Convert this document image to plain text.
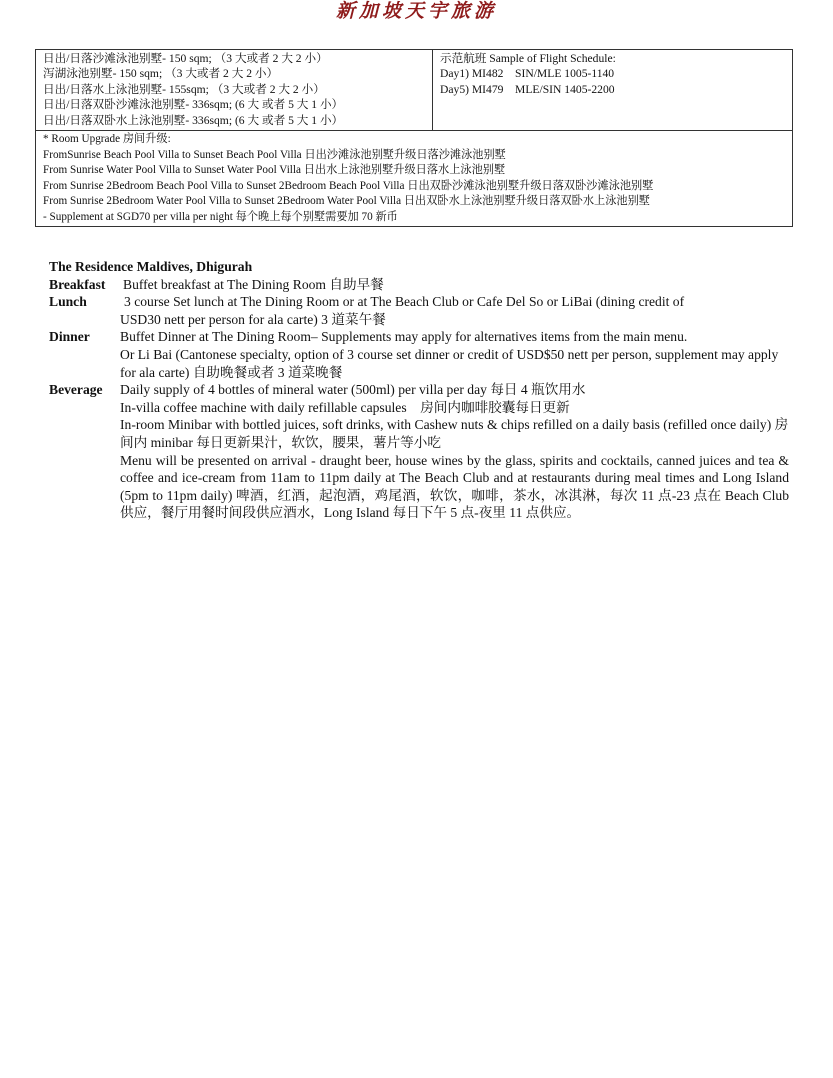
新加坡天宇旅游
日出/日落沙滩泳池别墅- 150 sqm; （3 大或者 2 大 2 小）
泻湖泳池别墅- 150 sqm; （3 大或者 2 大 2 小）
日出/日落水上泳池别墅- 155sqm; （3 大或者 2 大 2 小）
日出/日落双卧沙滩泳池别墅- 336sqm; (6 大 或者 5 大 1 小）
日出/日落双卧水上泳池别墅- 336sqm; (6 大 或者 5 大 1 小）

示范航班 Sample of Flight Schedule:
Day1) MI482    SIN/MLE 1005-1140
Day5) MI479    MLE/SIN 1405-2200

* Room Upgrade 房间升级:
FromSunrise Beach Pool Villa to Sunset Beach Pool Villa 日出沙滩泳池别墅升级日落沙滩泳池别墅
From Sunrise Water Pool Villa to Sunset Water Pool Villa 日出水上泳池别墅升级日落水上泳池别墅
From Sunrise 2Bedroom Beach Pool Villa to Sunset 2Bedroom Beach Pool Villa 日出双卧沙滩泳池别墅升级日落双卧沙滩泳池别墅
From Sunrise 2Bedroom Water Pool Villa to Sunset 2Bedroom Water Pool Villa 日出双卧水上泳池别墅升级日落双卧水上泳池别墅
- Supplement at SGD70 per villa per night 每个晚上每个别墅需要加 70 新币
The Residence Maldives, Dhigurah
Breakfast	Buffet breakfast at The Dining Room 自助早餐
Lunch	3 course Set lunch at The Dining Room or at The Beach Club or Cafe Del So or LiBai (dining credit of
USD30 nett per person for ala carte) 3 道菜午餐
Dinner	Buffet Dinner at The Dining Room– Supplements may apply for alternatives items from the main menu.
Or Li Bai (Cantonese specialty, option of 3 course set dinner or credit of USD$50 nett per person, supplement may apply for ala carte) 自助晚餐或者 3 道菜晚餐
Beverage	Daily supply of 4 bottles of mineral water (500ml) per villa per day 每日 4 瓶饮用水
In-villa coffee machine with daily refillable capsules    房间内咖啡胶囊每日更新
In-room Minibar with bottled juices, soft drinks, with Cashew nuts & chips refilled on a daily basis (refilled once daily) 房间内 minibar 每日更新果汁，软饮，腰果，薯片等小吃
Menu will be presented on arrival - draught beer, house wines by the glass, spirits and cocktails, canned juices and tea & coffee and ice-cream from 11am to 11pm daily at The Beach Club and at restaurants during meal times and Long Island (5pm to 11pm daily) 啤酒，红酒，起泡酒，鸡尾酒，软饮，咖啡，茶水，冰淇淋，每次 11 点-23 点在 Beach Club 供应，餐厅用餐时间段供应酒水，Long Island 每日下午 5 点-夜里 11 点供应。
